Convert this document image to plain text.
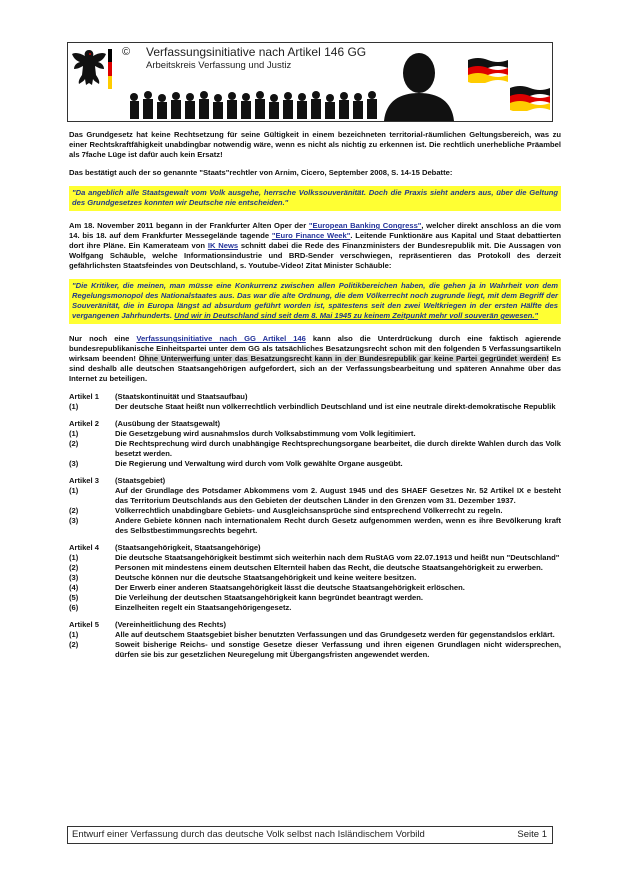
© Verfassungsinitiative nach Artikel 146 GG
Arbeitskreis Verfassung und Justiz

Das Grundgesetz hat keine Rechtsetzung für seine Gültigkeit in einem bezeichneten territorial-räumlichen Geltungsbereich, was zu einer Rechtskraftfähigkeit unabdingbar notwendig wäre, wenn es nicht als nichtig zu erkennen ist. Die rechtlich unerhebliche Präambel als 7fache Lüge ist dafür auch kein Ersatz!

Das bestätigt auch der so genannte "Staats"rechtler von Arnim, Cicero, September 2008, S. 14-15 Debatte:

"Da angeblich alle Staatsgewalt vom Volk ausgehe, herrsche Volkssouveränität. Doch die Praxis sieht anders aus, über die Geltung des Grundgesetzes konnten wir Deutsche nie entscheiden."

Am 18. November 2011 begann in der Frankfurter Alten Oper der "European Banking Congress", welcher direkt anschloss an die vom 14. bis 18. auf dem Frankfurter Messegelände tagende "Euro Finance Week". Leitende Funktionäre aus Kapital und Staat debattierten dort ihre Pläne. Ein Kamerateam von IK News schnitt dabei die Rede des Finanzministers der Bundesrepublik mit. Die Aussagen von Wolfgang Schäuble, welche Informationsindustrie und BRD-Sender verschwiegen, repräsentieren das Protokoll des derzeit gefährlichsten Staatsfeindes von Deutschland, s. Youtube-Video! Zitat Minister Schäuble:

"Die Kritiker, die meinen, man müsse eine Konkurrenz zwischen allen Politikbereichen haben, die gehen ja in Wahrheit von dem Regelungsmonopol des Nationalstaates aus. Das war die alte Ordnung, die dem Völkerrecht noch zugrunde liegt, mit dem Begriff der Souveränität, die in Europa längst ad absurdum geführt worden ist, spätestens seit den zwei Weltkriegen in der ersten Hälfte des vergangenen Jahrhunderts. Und wir in Deutschland sind seit dem 8. Mai 1945 zu keinem Zeitpunkt mehr voll souverän gewesen."

Nur noch eine Verfassungsinitiative nach GG Artikel 146 kann also die Unterdrückung durch eine faktisch agierende bundesrepublikanische Einheitspartei unter dem GG als tatsächliches Besatzungsrecht schon mit den folgenden 5 Verfassungsartikeln wirksam beenden! Ohne Unterwerfung unter das Besatzungsrecht kann in der Bundesrepublik gar keine Partei gegründet werden! Es sind deshalb alle deutschen Staatsangehörigen aufgefordert, sich an der Verfassungsbearbeitung und späteren Annahme über das Internet zu beteiligen.

Artikel 1	(Staatskontinuität und Staatsaufbau)
(1)	Der deutsche Staat heißt nun völkerrechtlich verbindlich Deutschland und ist eine neutrale direkt-demokratische Republik
Artikel 2	(Ausübung der Staatsgewalt)
(1)	Die Gesetzgebung wird ausnahmslos durch Volksabstimmung vom Volk legitimiert.
(2)	Die Rechtsprechung wird durch unabhängige Rechtsprechungsorgane bearbeitet, die durch direkte Wahlen durch das Volk besetzt werden.
(3)	Die Regierung und Verwaltung wird durch vom Volk gewählte Organe ausgeübt.
Artikel 3	(Staatsgebiet)
(1)	Auf der Grundlage des Potsdamer Abkommens vom 2. August 1945 und des SHAEF Gesetzes Nr. 52 Artikel IX e besteht das Territorium Deutschlands aus den Gebieten der deutschen Länder in den Grenzen vom 31. Dezember 1937.
(2)	Völkerrechtlich unabdingbare Gebiets- und Ausgleichsansprüche sind entsprechend Völkerrecht zu regeln.
(3)	Andere Gebiete können nach internationalem Recht durch Gesetz aufgenommen werden, wenn es ihre Bevölkerung kraft des Selbstbestimmungsrechts begehrt.
Artikel 4	(Staatsangehörigkeit, Staatsangehörige)
(1)	Die deutsche Staatsangehörigkeit bestimmt sich weiterhin nach dem RuStAG vom 22.07.1913 und heißt nun "Deutschland"
(2)	Personen mit mindestens einem deutschen Elternteil haben das Recht, die deutsche Staatsangehörigkeit zu erwerben.
(3)	Deutsche können nur die deutsche Staatsangehörigkeit und keine weitere besitzen.
(4)	Der Erwerb einer anderen Staatsangehörigkeit lässt die deutsche Staatsangehörigkeit erlöschen.
(5)	Die Verleihung der deutschen Staatsangehörigkeit kann begründet beantragt werden.
(6)	Einzelheiten regelt ein Staatsangehörigengesetz.
Artikel 5	(Vereinheitlichung des Rechts)
(1)	Alle auf deutschem Staatsgebiet bisher benutzten Verfassungen und das Grundgesetz werden für gegenstandslos erklärt.
(2)	Soweit bisherige Reichs- und sonstige Gesetze dieser Verfassung und ihren eigenen Grundlagen nicht widersprechen, dürfen sie bis zur gesetzlichen Neuregelung mit Übergangsfristen angewendet werden.
Entwurf einer Verfassung durch das deutsche Volk selbst nach Isländischem Vorbild	Seite 1
